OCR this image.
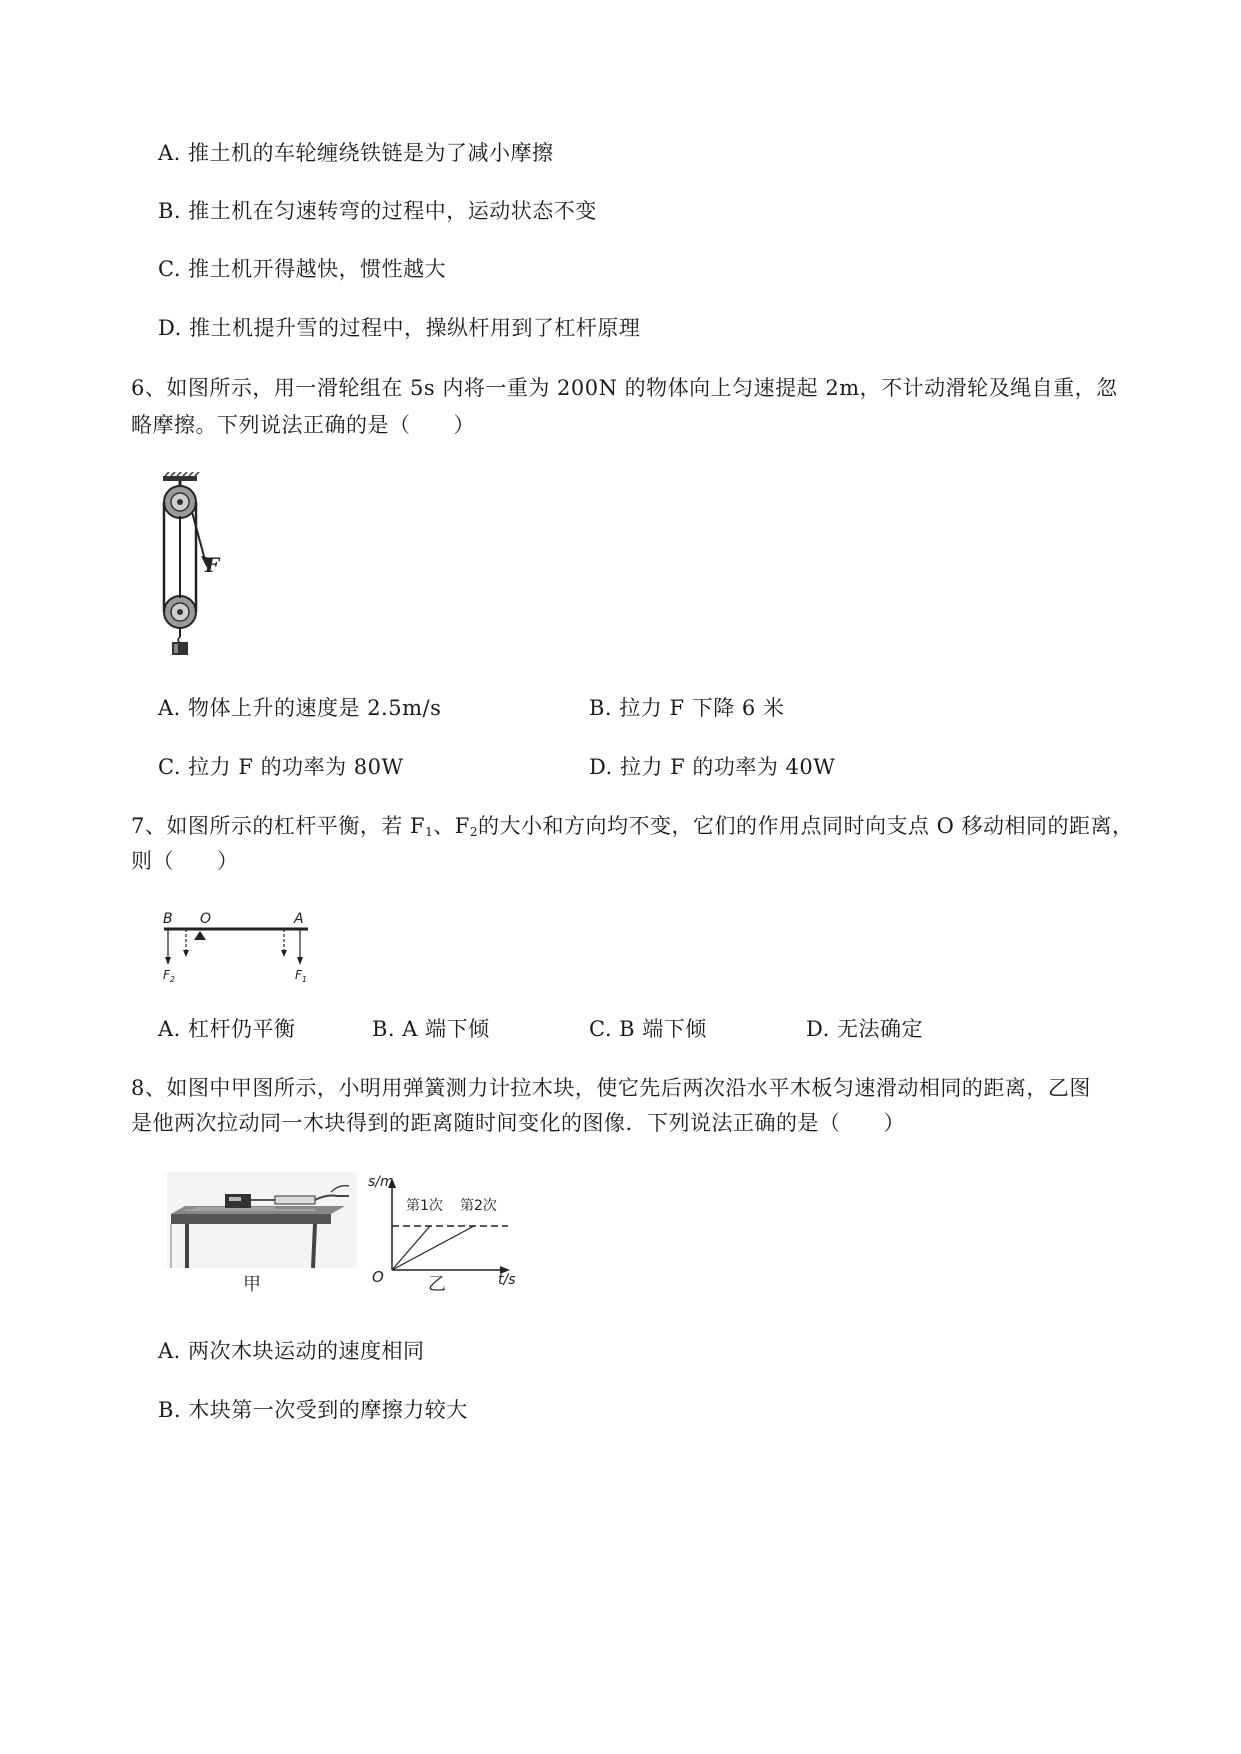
A. 推土机的车轮缠绕铁链是为了减小摩擦
B. 推土机在匀速转弯的过程中，运动状态不变
C. 推土机开得越快，惯性越大
D. 推土机提升雪的过程中，操纵杆用到了杠杆原理
6、如图所示，用一滑轮组在 5s 内将一重为 200N 的物体向上匀速提起 2m，不计动滑轮及绳自重，忽
略摩擦。下列说法正确的是（　　）
F
A. 物体上升的速度是 2.5m/s	B. 拉力 F 下降 6 米
C. 拉力 F 的功率为 80W	D. 拉力 F 的功率为 40W
7、如图所示的杠杆平衡，若 $F_1$、$F_2$的大小和方向均不变，它们的作用点同时向支点 O 移动相同的距离，
则（　　）
B O	A
$F_2$	$F_1$
A. 杠杆仍平衡	B. A 端下倾	C. B 端下倾	D. 无法确定
8、如图中甲图所示，小明用弹簧测力计拉木块，使它先后两次沿水平木板匀速滑动相同的距离，乙图
是他两次拉动同一木块得到的距离随时间变化的图像．下列说法正确的是（　　）
甲
s/m
t/s
O
第1次 第2次
乙
A. 两次木块运动的速度相同
B. 木块第一次受到的摩擦力较大
